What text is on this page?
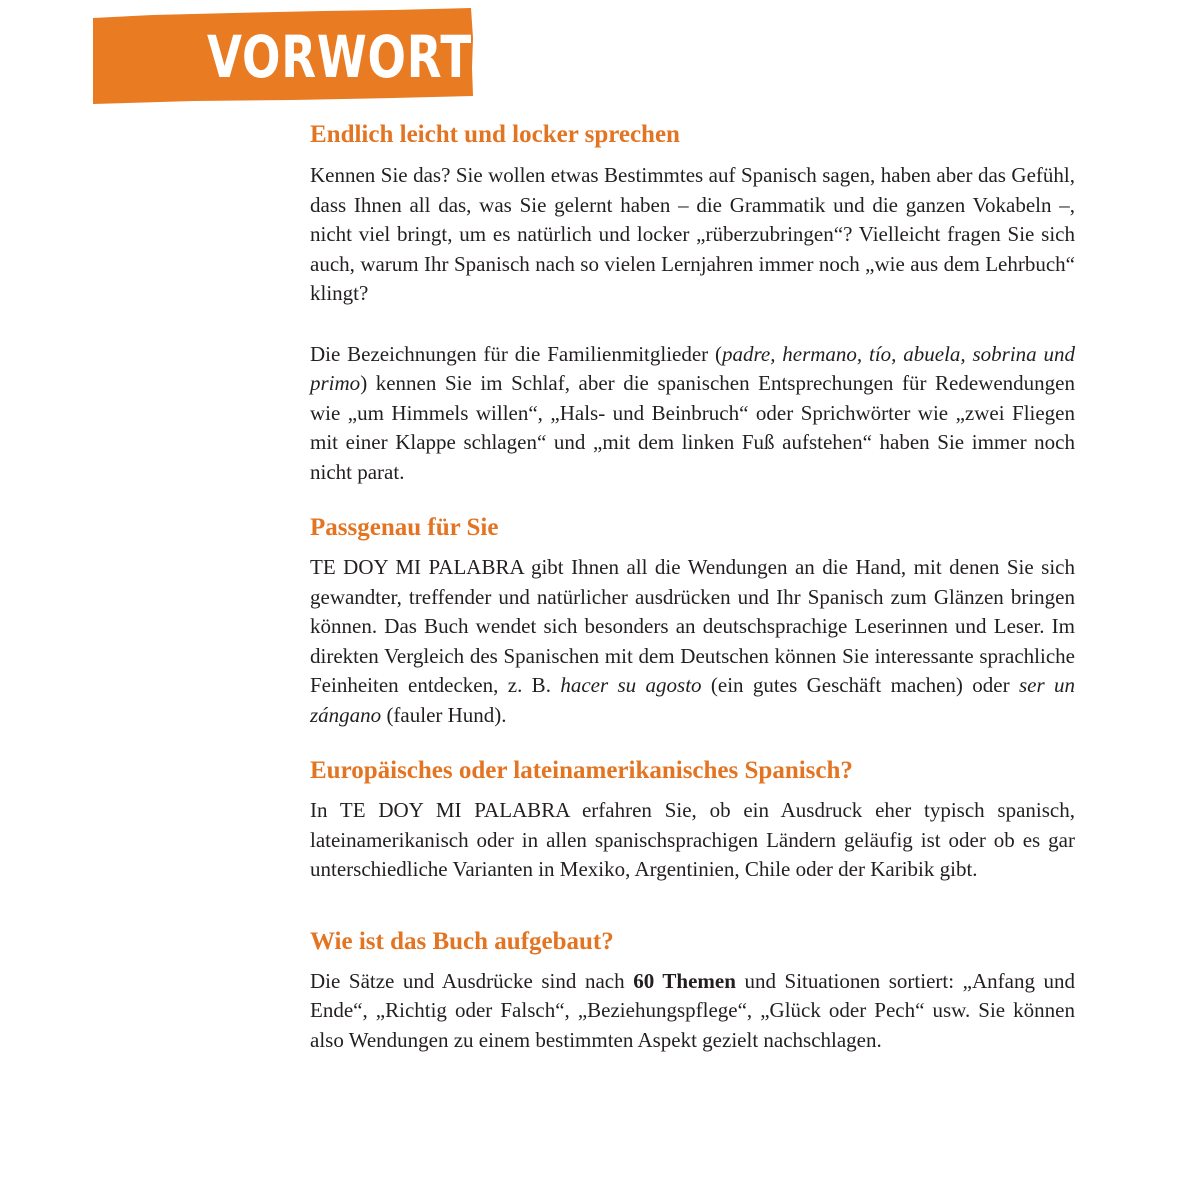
VORWORT
Endlich leicht und locker sprechen

Kennen Sie das? Sie wollen etwas Bestimmtes auf Spanisch sagen, haben aber das Gefühl, dass Ihnen all das, was Sie gelernt haben – die Grammatik und die ganzen Vokabeln –, nicht viel bringt, um es natürlich und locker „rüberzubringen“? Vielleicht fragen Sie sich auch, warum Ihr Spanisch nach so vielen Lernjahren immer noch „wie aus dem Lehrbuch“ klingt?

Die Bezeichnungen für die Familienmitglieder (padre, hermano, tío, abuela, sobrina und primo) kennen Sie im Schlaf, aber die spanischen Entsprechungen für Redewendungen wie „um Himmels willen“, „Hals- und Beinbruch“ oder Sprichwörter wie „zwei Fliegen mit einer Klappe schlagen“ und „mit dem linken Fuß aufstehen“ haben Sie immer noch nicht parat.

Passgenau für Sie

TE DOY MI PALABRA gibt Ihnen all die Wendungen an die Hand, mit denen Sie sich gewandter, treffender und natürlicher ausdrücken und Ihr Spanisch zum Glänzen bringen können. Das Buch wendet sich besonders an deutschsprachige Leserinnen und Leser. Im direkten Vergleich des Spanischen mit dem Deutschen können Sie interessante sprachliche Feinheiten entdecken, z. B. hacer su agosto (ein gutes Geschäft machen) oder ser un zángano (fauler Hund).

Europäisches oder lateinamerikanisches Spanisch?

In TE DOY MI PALABRA erfahren Sie, ob ein Ausdruck eher typisch spanisch, lateinamerikanisch oder in allen spanischsprachigen Ländern geläufig ist oder ob es gar unterschiedliche Varianten in Mexiko, Argentinien, Chile oder der Karibik gibt.

Wie ist das Buch aufgebaut?

Die Sätze und Ausdrücke sind nach 60 Themen und Situationen sortiert: „Anfang und Ende“, „Richtig oder Falsch“, „Beziehungspflege“, „Glück oder Pech“ usw. Sie können also Wendungen zu einem bestimmten Aspekt gezielt nachschlagen.
